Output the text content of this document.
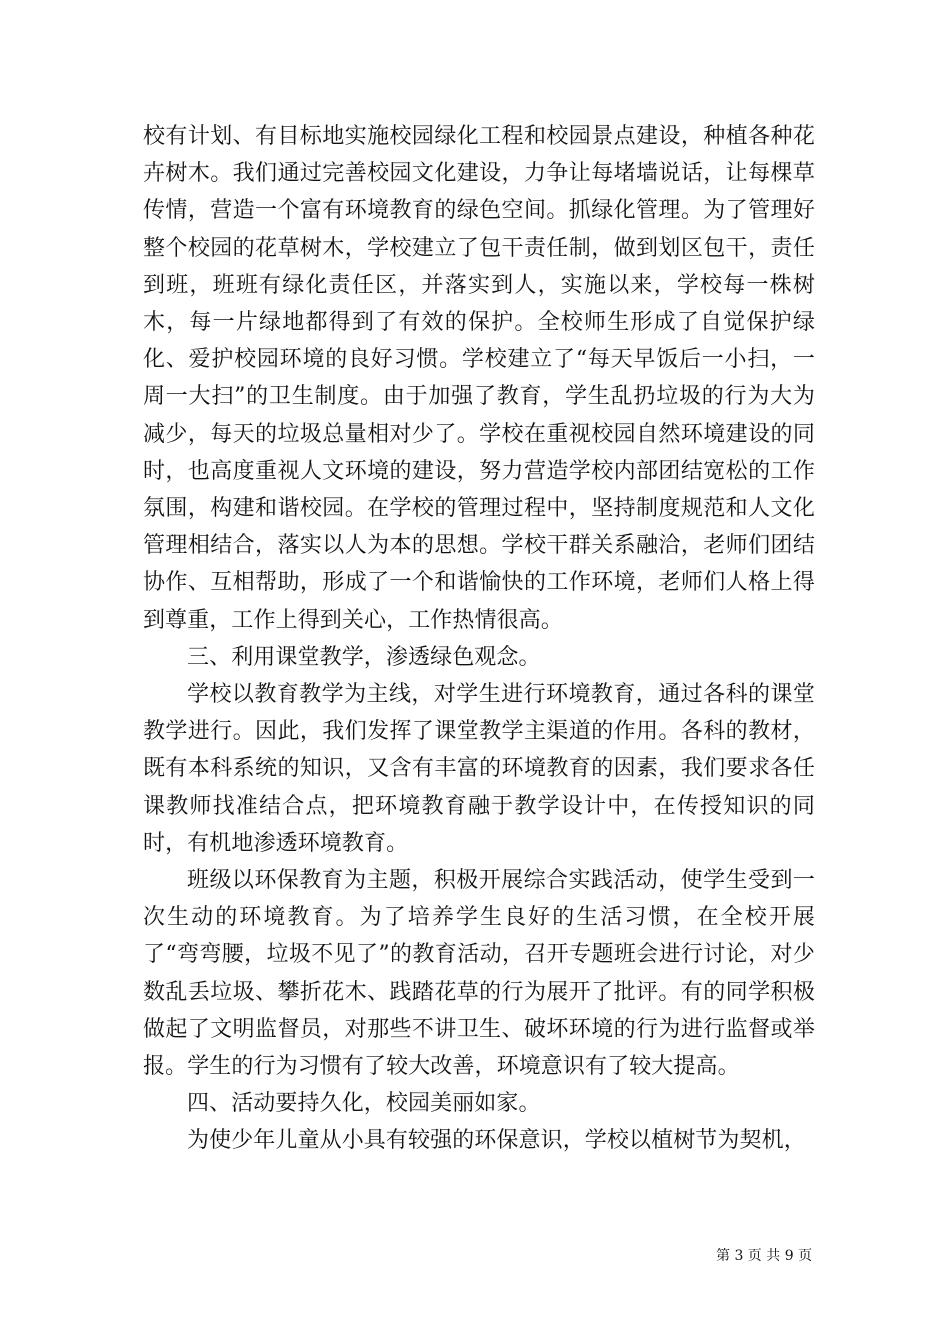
校有计划、有目标地实施校园绿化工程和校园景点建设，种植各种花卉树木。我们通过完善校园文化建设，力争让每堵墙说话，让每棵草传情，营造一个富有环境教育的绿色空间。抓绿化管理。为了管理好整个校园的花草树木，学校建立了包干责任制，做到划区包干，责任到班，班班有绿化责任区，并落实到人，实施以来，学校每一株树木，每一片绿地都得到了有效的保护。全校师生形成了自觉保护绿化、爱护校园环境的良好习惯。学校建立了“每天早饭后一小扫，一周一大扫”的卫生制度。由于加强了教育，学生乱扔垃圾的行为大为减少，每天的垃圾总量相对少了。学校在重视校园自然环境建设的同时，也高度重视人文环境的建设，努力营造学校内部团结宽松的工作氛围，构建和谐校园。在学校的管理过程中，坚持制度规范和人文化管理相结合，落实以人为本的思想。学校干群关系融洽，老师们团结协作、互相帮助，形成了一个和谐愉快的工作环境，老师们人格上得到尊重，工作上得到关心，工作热情很高。

三、利用课堂教学，渗透绿色观念。

学校以教育教学为主线，对学生进行环境教育，通过各科的课堂教学进行。因此，我们发挥了课堂教学主渠道的作用。各科的教材，既有本科系统的知识，又含有丰富的环境教育的因素，我们要求各任课教师找准结合点，把环境教育融于教学设计中，在传授知识的同时，有机地渗透环境教育。

班级以环保教育为主题，积极开展综合实践活动，使学生受到一次生动的环境教育。为了培养学生良好的生活习惯，在全校开展了“弯弯腰，垃圾不见了”的教育活动，召开专题班会进行讨论，对少数乱丢垃圾、攀折花木、践踏花草的行为展开了批评。有的同学积极做起了文明监督员，对那些不讲卫生、破坏环境的行为进行监督或举报。学生的行为习惯有了较大改善，环境意识有了较大提高。

四、活动要持久化，校园美丽如家。

为使少年儿童从小具有较强的环保意识，学校以植树节为契机，

第 3 页 共 9 页
